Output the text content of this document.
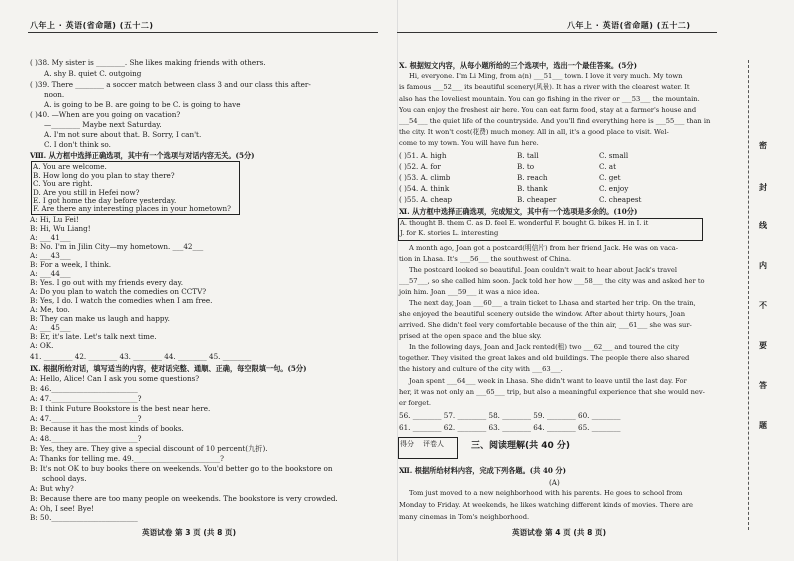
八年上 · 英语(省命题) (五十二)
( )38. My sister is ________. She likes making friends with others.
A. shy B. quiet C. outgoing
( )39. There ________ a soccer match between class 3 and our class this after-
noon.
A. is going to be B. are going to be C. is going to have
( )40. —When are you going on vacation?
—________ Maybe next Saturday.
A. I'm not sure about that. B. Sorry, I can't.
C. I don't think so.
Ⅷ. 从方框中选择正确选项，其中有一个选项与对话内容无关。(5分)
A. You are welcome.
B. How long do you plan to stay there?
C. You are right.
D. Are you still in Hefei now?
E. I got home the day before yesterday.
F. Are there any interesting places in your hometown?
A: Hi, Lu Fei!
B: Hi, Wu Liang!
A: ___41___
B: No. I'm in Jilin City—my hometown. ___42___
A: ___43___
B: For a week, I think.
A: ___44___
B: Yes. I go out with my friends every day.
A: Do you plan to watch the comedies on CCTV?
B: Yes, I do. I watch the comedies when I am free.
A: Me, too.
B: They can make us laugh and happy.
A: ___45___
B: Er, it's late. Let's talk next time.
A: OK.
41. ________ 42. ________ 43. ________ 44. ________ 45. ________
Ⅸ. 根据所给对话，填写适当的内容，使对话完整、通顺、正确，每空限填一句。(5分)
A: Hello, Alice! Can I ask you some questions?
B: 46.________________________
A: 47.________________________?
B: I think Future Bookstore is the best near here.
A: 47.________________________?
B: Because it has the most kinds of books.
A: 48.________________________?
B: Yes, they are. They give a special discount of 10 percent(九折).
A: Thanks for telling me. 49.________________________?
B: It's not OK to buy books there on weekends. You'd better go to the bookstore on
school days.
A: But why?
B: Because there are too many people on weekends. The bookstore is very crowded.
A: Oh, I see! Bye!
B: 50.________________________
英语试卷 第 3 页 (共 8 页)
八年上 · 英语(省命题) (五十二)
Ⅹ. 根据短文内容，从每小题所给的三个选项中，选出一个最佳答案。(5分)
Hi, everyone. I'm Li Ming, from a(n) ___51___ town. I love it very much. My town
is famous ___52___ its beautiful scenery(风景). It has a river with the clearest water. It
also has the loveliest mountain. You can go fishing in the river or ___53___ the mountain.
You can enjoy the freshest air here. You can eat farm food, stay at a farmer's house and
___54___ the quiet life of the countryside. And you'll find everything here is ___55___ than in
the city. It won't cost(花费) much money. All in all, it's a good place to visit. Wel-
come to my town. You will have fun here.
( )51. A. high	B. tall	C. small
( )52. A. for	B. to	C. at
( )53. A. climb	B. reach	C. get
( )54. A. think	B. thank	C. enjoy
( )55. A. cheap	B. cheaper	C. cheapest
Ⅺ. 从方框中选择正确选项，完成短文，其中有一个选项是多余的。(10分)
A. thought B. them C. as D. feel E. wonderful F. bought G. bikes H. in I. it
J. for K. stories L. interesting
A month ago, Joan got a postcard(明信片) from her friend Jack. He was on vaca-
tion in Lhasa. It's ___56___ the southwest of China.
The postcard looked so beautiful. Joan couldn't wait to hear about Jack's travel
___57___, so she called him soon. Jack told her how ___58___ the city was and asked her to
join him. Joan ___59___ it was a nice idea.
The next day, Joan ___60___ a train ticket to Lhasa and started her trip. On the train,
she enjoyed the beautiful scenery outside the window. After about thirty hours, Joan
arrived. She didn't feel very comfortable because of the thin air, ___61___ she was sur-
prised at the open space and the blue sky.
In the following days, Joan and Jack rented(租) two ___62___ and toured the city
together. They visited the great lakes and old buildings. The people there also shared
the history and culture of the city with ___63___.
Joan spent ___64___ week in Lhasa. She didn't want to leave until the last day. For
her, it was not only an ___65___ trip, but also a meaningful experience that she would nev-
er forget.
56. ________ 57. ________ 58. ________ 59. ________ 60. ________
61. ________ 62. ________ 63. ________ 64. ________ 65. ________
得分 评卷人	三、阅读理解(共 40 分)
Ⅻ. 根据所给材料内容，完成下列各题。(共 40 分)
(A)
Tom just moved to a new neighborhood with his parents. He goes to school from
Monday to Friday. At weekends, he likes watching different kinds of movies. There are
many cinemas in Tom's neighborhood.
英语试卷 第 4 页 (共 8 页)
密
封
线
内
不
要
答
题
